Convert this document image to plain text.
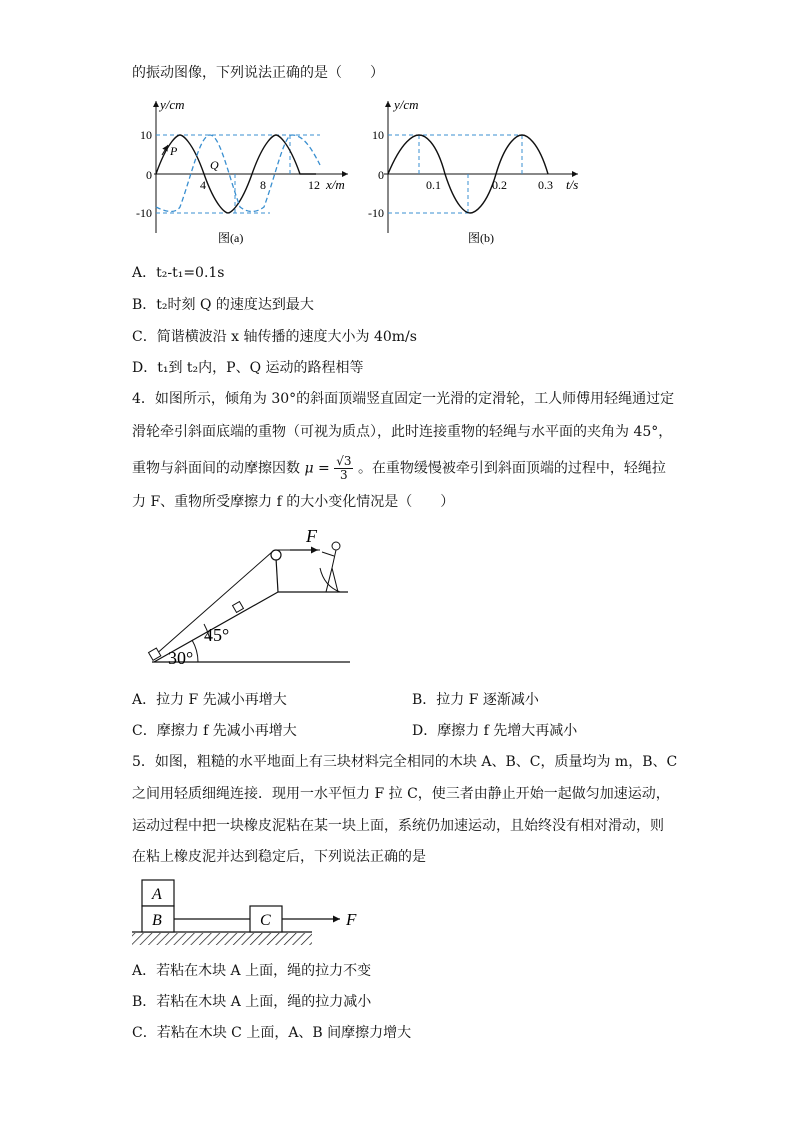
的振动图像，下列说法正确的是（　　）
y/cm
x/m
10
0
-10
4	8	12
P
Q
图(a)
y/cm
t/s
10
0
-10
0.1	0.2	0.3
图(b)
A．t₂-t₁=0.1s
B．t₂时刻 Q 的速度达到最大
C．简谐横波沿 x 轴传播的速度大小为 40m/s
D．t₁到 t₂内，P、Q 运动的路程相等
4．如图所示，倾角为 30°的斜面顶端竖直固定一光滑的定滑轮，工人师傅用轻绳通过定
滑轮牵引斜面底端的重物（可视为质点），此时连接重物的轻绳与水平面的夹角为 45°，
重物与斜面间的动摩擦因数 $\mu = \frac{√3}{3}$ 。在重物缓慢被牵引到斜面顶端的过程中，轻绳拉
力 F、重物所受摩擦力 f 的大小变化情况是（　　）
F
45°
30°
A．拉力 F 先减小再增大	B．拉力 F 逐渐减小
C．摩擦力 f 先减小再增大	D．摩擦力 f 先增大再减小
5．如图，粗糙的水平地面上有三块材料完全相同的木块 A、B、C，质量均为 m，B、C
之间用轻质细绳连接．现用一水平恒力 F 拉 C，使三者由静止开始一起做匀加速运动，
运动过程中把一块橡皮泥粘在某一块上面，系统仍加速运动，且始终没有相对滑动，则
在粘上橡皮泥并达到稳定后，下列说法正确的是
A
B	C	F
A．若粘在木块 A 上面，绳的拉力不变
B．若粘在木块 A 上面，绳的拉力减小
C．若粘在木块 C 上面，A、B 间摩擦力增大
